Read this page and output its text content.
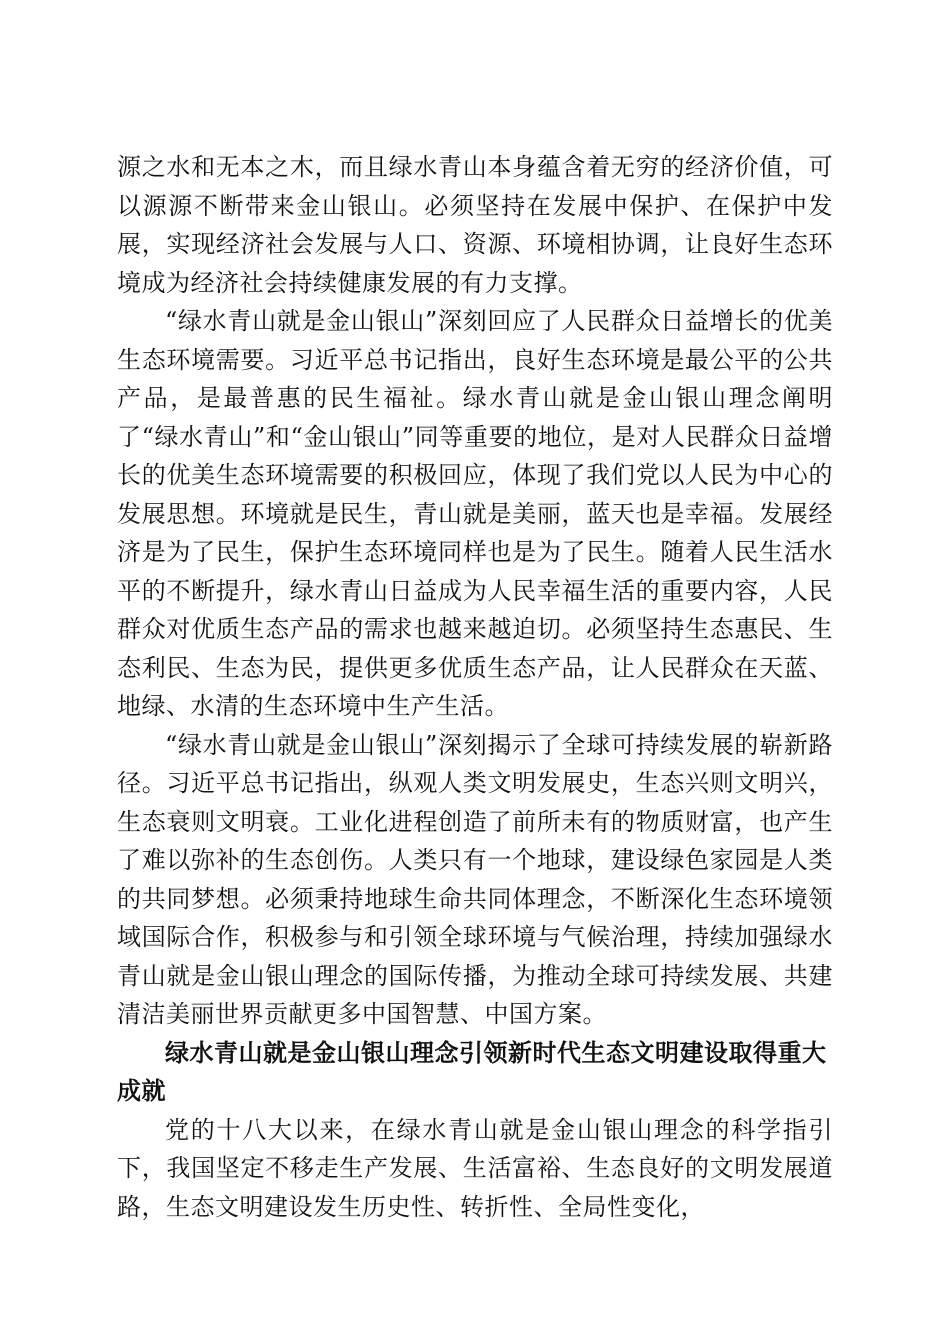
源之水和无本之木，而且绿水青山本身蕴含着无穷的经济价值，可以源源不断带来金山银山。必须坚持在发展中保护、在保护中发展，实现经济社会发展与人口、资源、环境相协调，让良好生态环境成为经济社会持续健康发展的有力支撑。

“绿水青山就是金山银山”深刻回应了人民群众日益增长的优美生态环境需要。习近平总书记指出，良好生态环境是最公平的公共产品，是最普惠的民生福祉。绿水青山就是金山银山理念阐明了“绿水青山”和“金山银山”同等重要的地位，是对人民群众日益增长的优美生态环境需要的积极回应，体现了我们党以人民为中心的发展思想。环境就是民生，青山就是美丽，蓝天也是幸福。发展经济是为了民生，保护生态环境同样也是为了民生。随着人民生活水平的不断提升，绿水青山日益成为人民幸福生活的重要内容，人民群众对优质生态产品的需求也越来越迫切。必须坚持生态惠民、生态利民、生态为民，提供更多优质生态产品，让人民群众在天蓝、地绿、水清的生态环境中生产生活。

“绿水青山就是金山银山”深刻揭示了全球可持续发展的崭新路径。习近平总书记指出，纵观人类文明发展史，生态兴则文明兴，生态衰则文明衰。工业化进程创造了前所未有的物质财富，也产生了难以弥补的生态创伤。人类只有一个地球，建设绿色家园是人类的共同梦想。必须秉持地球生命共同体理念，不断深化生态环境领域国际合作，积极参与和引领全球环境与气候治理，持续加强绿水青山就是金山银山理念的国际传播，为推动全球可持续发展、共建清洁美丽世界贡献更多中国智慧、中国方案。

绿水青山就是金山银山理念引领新时代生态文明建设取得重大成就

党的十八大以来，在绿水青山就是金山银山理念的科学指引下，我国坚定不移走生产发展、生活富裕、生态良好的文明发展道路，生态文明建设发生历史性、转折性、全局性变化，
